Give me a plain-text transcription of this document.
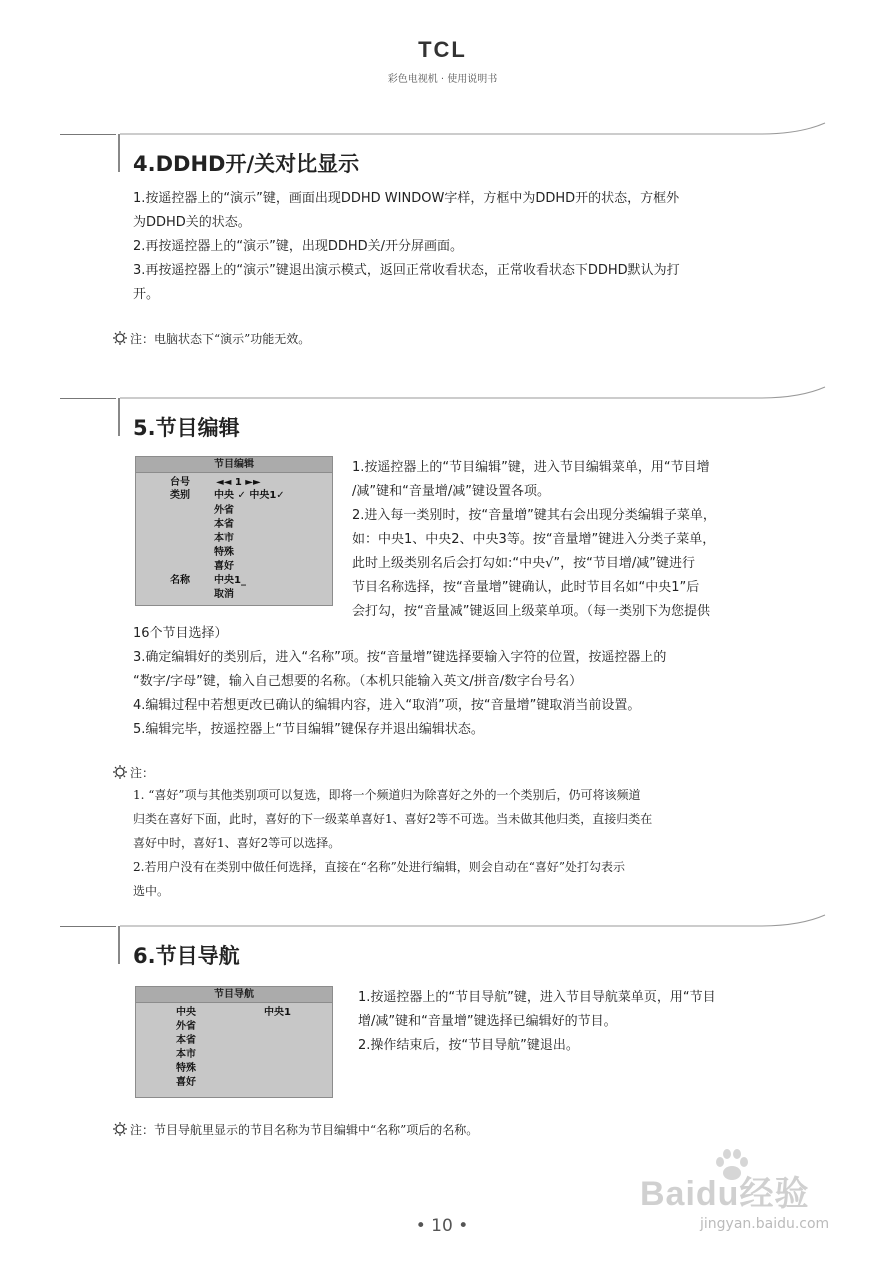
TCL
彩色电视机 · 使用说明书
4.DDHD开/关对比显示
1.按遥控器上的“演示”键，画面出现DDHD WINDOW字样，方框中为DDHD开的状态，方框外
为DDHD关的状态。
2.再按遥控器上的“演示”键，出现DDHD关/开分屏画面。
3.再按遥控器上的“演示”键退出演示模式，返回正常收看状态，正常收看状态下DDHD默认为打
开。
注：电脑状态下“演示”功能无效。
5.节目编辑
节目编辑
台号	◄◄ 1 ►►
类别 中央 ✓ 中央1✓
外省
本省
本市
特殊
喜好
名称 中央1_
取消
1.按遥控器上的“节目编辑”键，进入节目编辑菜单，用“节目增
/减”键和“音量增/减”键设置各项。
2.进入每一类别时，按“音量增”键其右会出现分类编辑子菜单，
如：中央1、中央2、中央3等。按“音量增”键进入分类子菜单，
此时上级类别名后会打勾如:“中央√”，按“节目增/减”键进行
节目名称选择，按“音量增”键确认，此时节目名如“中央1”后
会打勾，按“音量减”键返回上级菜单项。（每一类别下为您提供
16个节目选择）
3.确定编辑好的类别后，进入“名称”项。按“音量增”键选择要输入字符的位置，按遥控器上的
“数字/字母”键，输入自己想要的名称。（本机只能输入英文/拼音/数字台号名）
4.编辑过程中若想更改已确认的编辑内容，进入“取消”项，按“音量增”键取消当前设置。
5.编辑完毕，按遥控器上“节目编辑”键保存并退出编辑状态。
注：
1. “喜好”项与其他类别项可以复选，即将一个频道归为除喜好之外的一个类别后，仍可将该频道
归类在喜好下面，此时，喜好的下一级菜单喜好1、喜好2等不可选。当未做其他归类，直接归类在
喜好中时，喜好1、喜好2等可以选择。
2.若用户没有在类别中做任何选择，直接在“名称”处进行编辑，则会自动在“喜好”处打勾表示
选中。
6.节目导航
节目导航
中央	中央1
外省
本省
本市
特殊
喜好
1.按遥控器上的“节目导航”键，进入节目导航菜单页，用“节目
增/减”键和“音量增”键选择已编辑好的节目。
2.操作结束后，按“节目导航”键退出。
注：节目导航里显示的节目名称为节目编辑中“名称”项后的名称。
Baidu经验
• 10 •	jingyan.baidu.com
